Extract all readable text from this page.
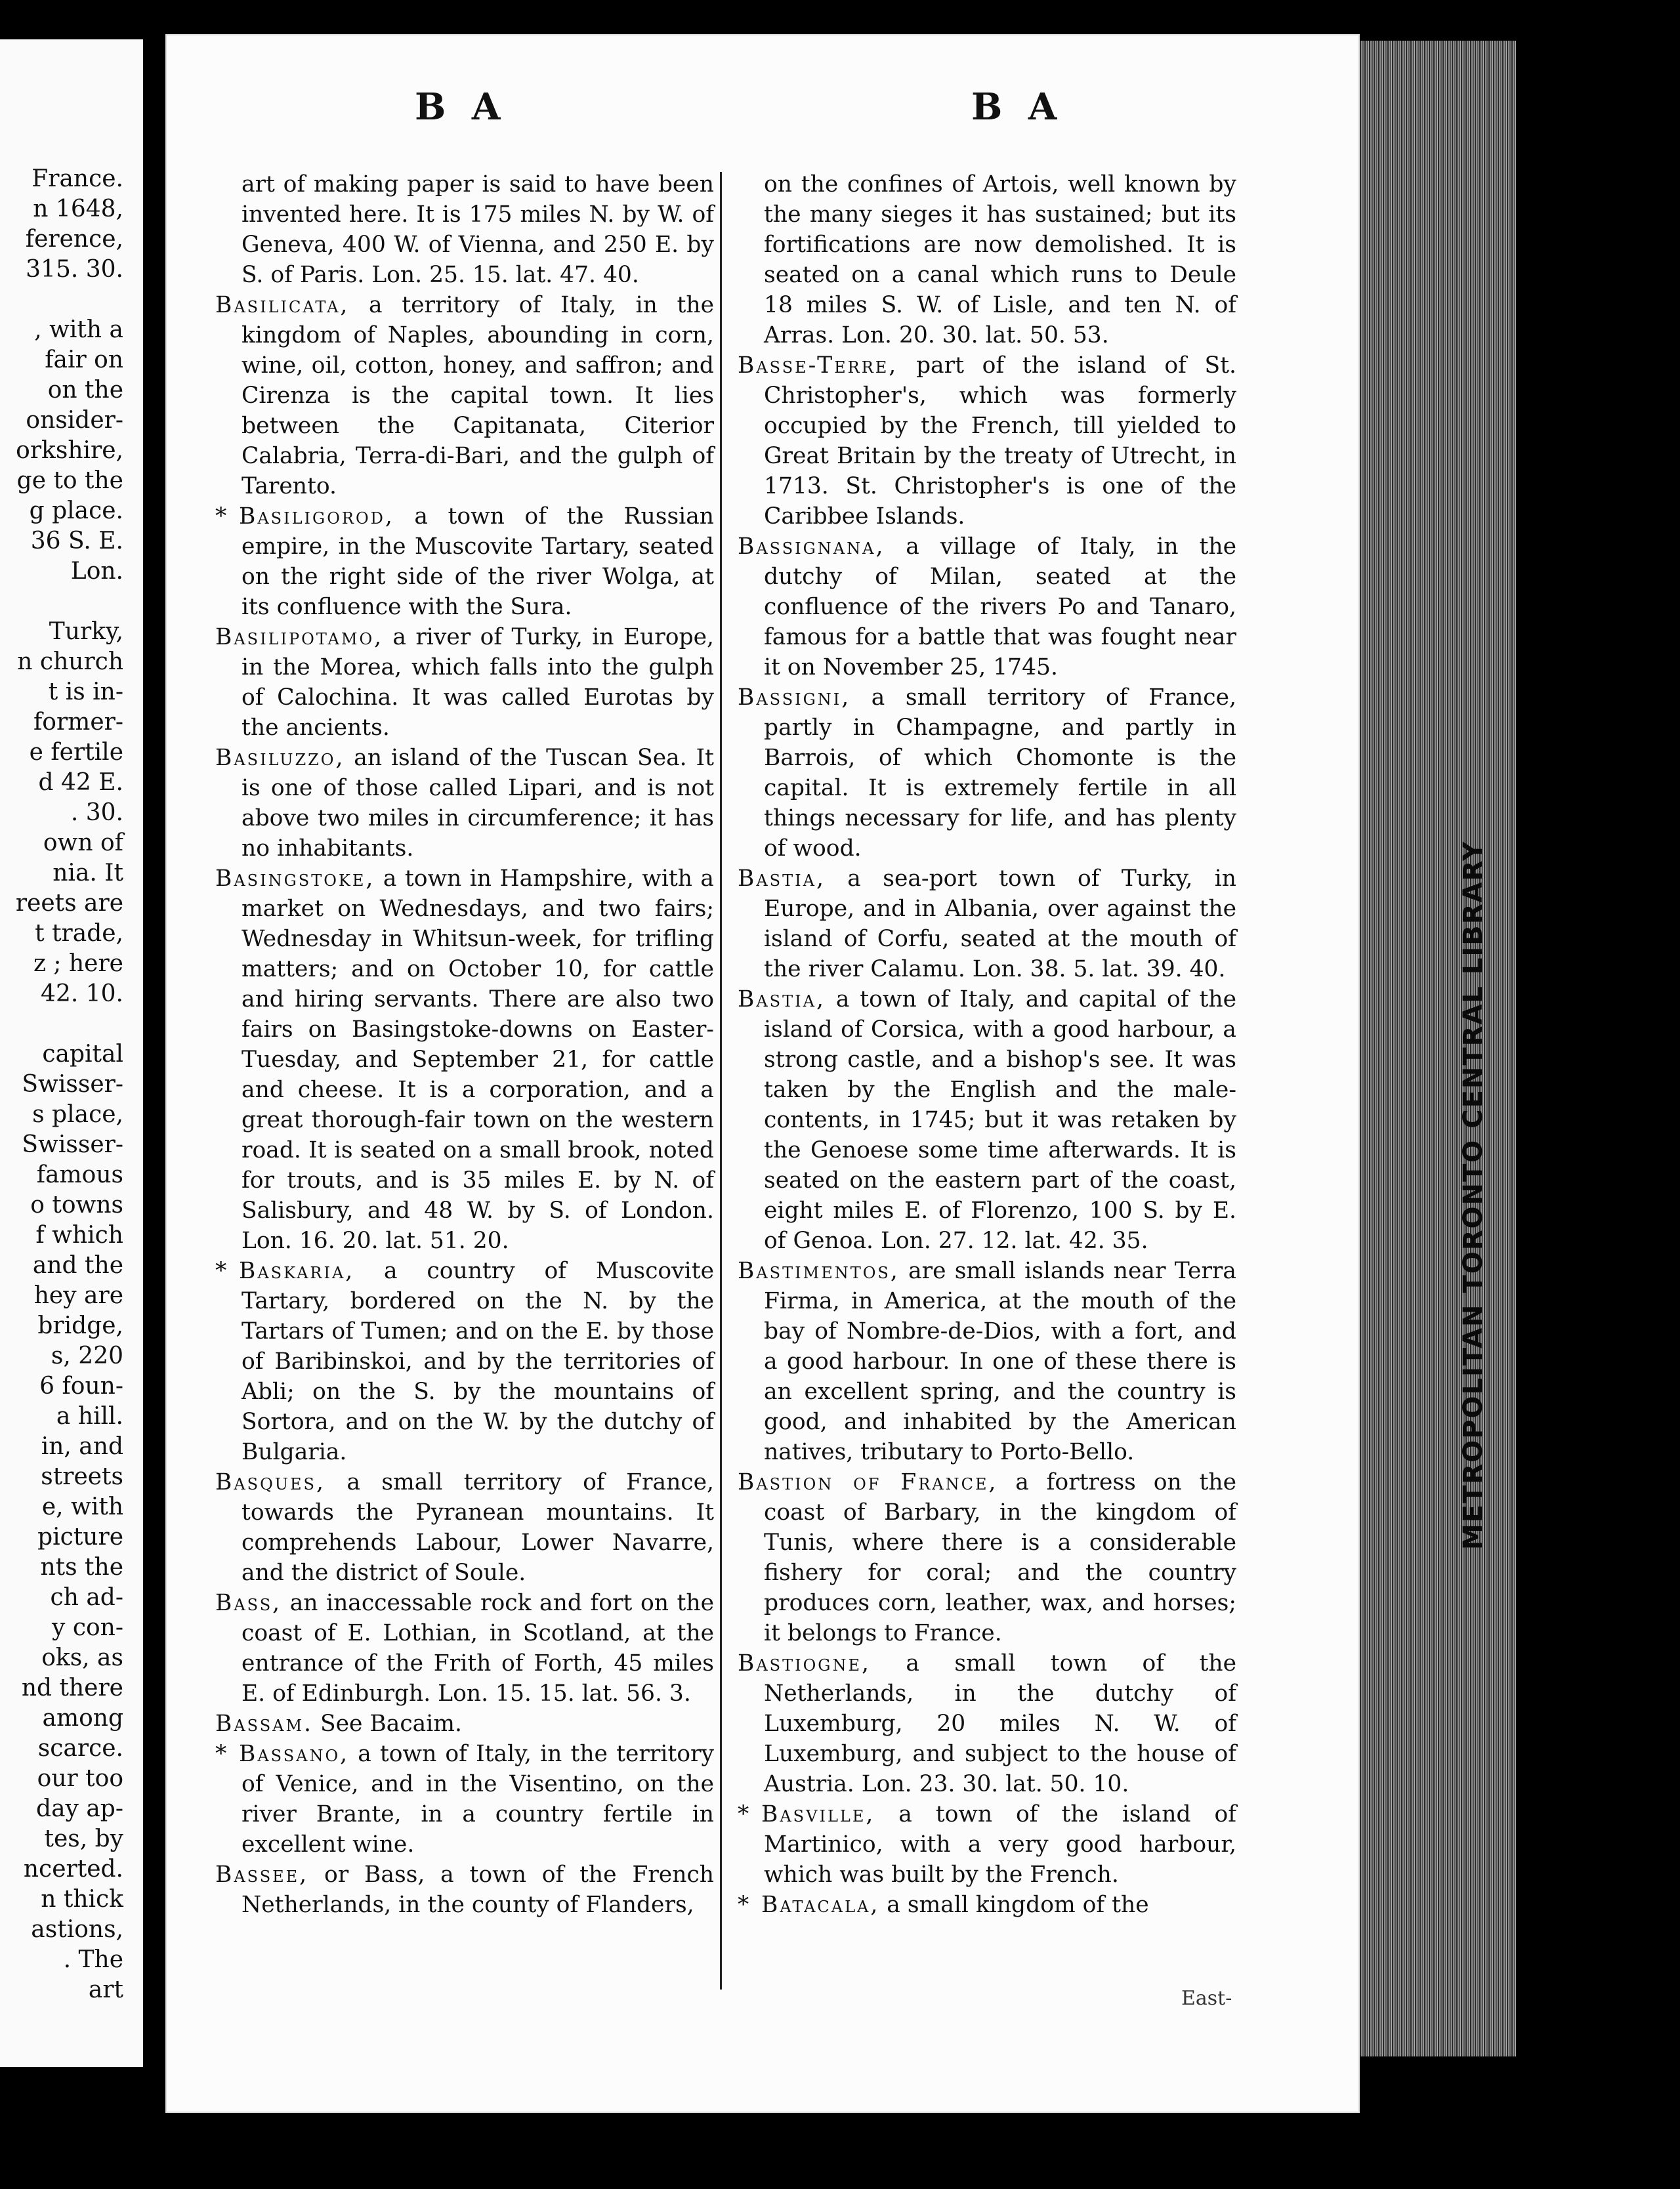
France.
n 1648,
ference,
315. 30.
, with a
fair on
on the
onsider-
orkshire,
ge to the
g place.
36 S. E.
Lon.
Turky,
n church
t is in-
former-
e fertile
d 42 E.
. 30.
own of
nia. It
reets are
t trade,
z ; here
42. 10.
capital
Swisser-
s place,
Swisser-
famous
o towns
f which
and the
hey are
bridge,
s, 220
6 foun-
a hill.
in, and
streets
e, with
picture
nts the
ch ad-
y con-
oks, as
nd there
among
scarce.
our too
day ap-
tes, by
ncerted.
n thick
astions,
. The
art
B A	B A

art of making paper is said to have been invented here. It is 175 miles N. by W. of Geneva, 400 W. of Vienna, and 250 E. by S. of Paris. Lon. 25. 15. lat. 47. 40.

Basilicata, a territory of Italy, in the kingdom of Naples, abounding in corn, wine, oil, cotton, honey, and saffron; and Cirenza is the capital town. It lies between the Capitanata, Citerior Calabria, Terra-di-Bari, and the gulph of Tarento.

* Basiligorod, a town of the Russian empire, in the Muscovite Tartary, seated on the right side of the river Wolga, at its confluence with the Sura.

Basilipotamo, a river of Turky, in Europe, in the Morea, which falls into the gulph of Calochina. It was called Eurotas by the ancients.

Basiluzzo, an island of the Tuscan Sea. It is one of those called Lipari, and is not above two miles in circumference; it has no inhabitants.

Basingstoke, a town in Hampshire, with a market on Wednesdays, and two fairs; Wednesday in Whitsun-week, for trifling matters; and on October 10, for cattle and hiring servants. There are also two fairs on Basingstoke-downs on Easter-Tuesday, and September 21, for cattle and cheese. It is a corporation, and a great thorough-fair town on the western road. It is seated on a small brook, noted for trouts, and is 35 miles E. by N. of Salisbury, and 48 W. by S. of London. Lon. 16. 20. lat. 51. 20.

* Baskaria, a country of Muscovite Tartary, bordered on the N. by the Tartars of Tumen; and on the E. by those of Baribinskoi, and by the territories of Abli; on the S. by the mountains of Sortora, and on the W. by the dutchy of Bulgaria.

Basques, a small territory of France, towards the Pyranean mountains. It comprehends Labour, Lower Navarre, and the district of Soule.

Bass, an inaccessable rock and fort on the coast of E. Lothian, in Scotland, at the entrance of the Frith of Forth, 45 miles E. of Edinburgh. Lon. 15. 15. lat. 56. 3.

Bassam. See Bacaim.

* Bassano, a town of Italy, in the territory of Venice, and in the Visentino, on the river Brante, in a country fertile in excellent wine.

Bassee, or Bass, a town of the French Netherlands, in the county of Flanders,

on the confines of Artois, well known by the many sieges it has sustained; but its fortifications are now demolished. It is seated on a canal which runs to Deule 18 miles S. W. of Lisle, and ten N. of Arras. Lon. 20. 30. lat. 50. 53.

Basse-Terre, part of the island of St. Christopher's, which was formerly occupied by the French, till yielded to Great Britain by the treaty of Utrecht, in 1713. St. Christopher's is one of the Caribbee Islands.

Bassignana, a village of Italy, in the dutchy of Milan, seated at the confluence of the rivers Po and Tanaro, famous for a battle that was fought near it on November 25, 1745.

Bassigni, a small territory of France, partly in Champagne, and partly in Barrois, of which Chomonte is the capital. It is extremely fertile in all things necessary for life, and has plenty of wood.

Bastia, a sea-port town of Turky, in Europe, and in Albania, over against the island of Corfu, seated at the mouth of the river Calamu. Lon. 38. 5. lat. 39. 40.

Bastia, a town of Italy, and capital of the island of Corsica, with a good harbour, a strong castle, and a bishop's see. It was taken by the English and the male-contents, in 1745; but it was retaken by the Genoese some time afterwards. It is seated on the eastern part of the coast, eight miles E. of Florenzo, 100 S. by E. of Genoa. Lon. 27. 12. lat. 42. 35.

Bastimentos, are small islands near Terra Firma, in America, at the mouth of the bay of Nombre-de-Dios, with a fort, and a good harbour. In one of these there is an excellent spring, and the country is good, and inhabited by the American natives, tributary to Porto-Bello.

Bastion of France, a fortress on the coast of Barbary, in the kingdom of Tunis, where there is a considerable fishery for coral; and the country produces corn, leather, wax, and horses; it belongs to France.

Bastiogne, a small town of the Netherlands, in the dutchy of Luxemburg, 20 miles N. W. of Luxemburg, and subject to the house of Austria. Lon. 23. 30. lat. 50. 10.

* Basville, a town of the island of Martinico, with a very good harbour, which was built by the French.

* Batacala, a small kingdom of the

East-
METROPOLITAN TORONTO CENTRAL LIBRARY
